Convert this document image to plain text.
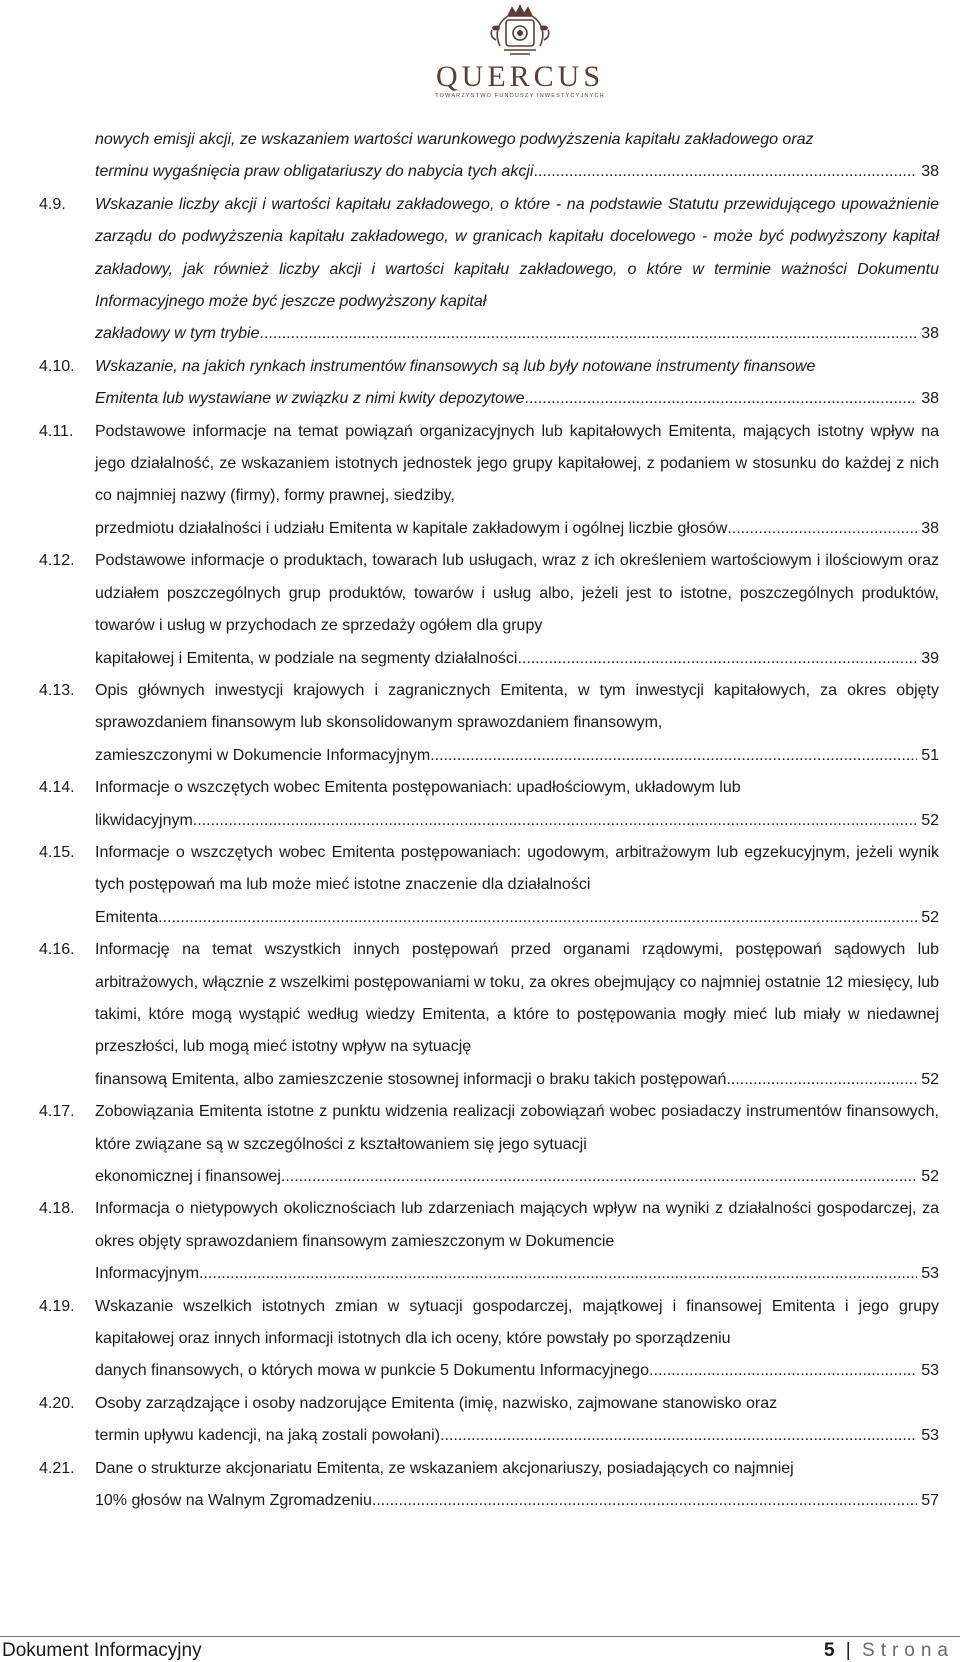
QUERCUS
TOWARZYSTWO FUNDUSZY INWESTYCYJNYCH
nowych emisji akcji, ze wskazaniem wartości warunkowego podwyższenia kapitału zakładowego oraz
terminu wygaśnięcia praw obligatariuszy do nabycia tych akcji .....	38
4.9.	Wskazanie liczby akcji i wartości kapitału zakładowego, o które - na podstawie Statutu przewidującego upoważnienie zarządu do podwyższenia kapitału zakładowego, w granicach kapitału docelowego - może być podwyższony kapitał zakładowy, jak również liczby akcji i wartości kapitału zakładowego, o które w terminie ważności Dokumentu Informacyjnego może być jeszcze podwyższony kapitał
zakładowy w tym trybie .....	38
4.10.	Wskazanie, na jakich rynkach instrumentów finansowych są lub były notowane instrumenty finansowe
Emitenta lub wystawiane w związku z nimi kwity depozytowe .....	38
4.11.	Podstawowe informacje na temat powiązań organizacyjnych lub kapitałowych Emitenta, mających istotny wpływ na jego działalność, ze wskazaniem istotnych jednostek jego grupy kapitałowej, z podaniem w stosunku do każdej z nich co najmniej nazwy (firmy), formy prawnej, siedziby,
przedmiotu działalności i udziału Emitenta w kapitale zakładowym i ogólnej liczbie głosów .....	38
4.12.	Podstawowe informacje o produktach, towarach lub usługach, wraz z ich określeniem wartościowym i ilościowym oraz udziałem poszczególnych grup produktów, towarów i usług albo, jeżeli jest to istotne, poszczególnych produktów, towarów i usług w przychodach ze sprzedaży ogółem dla grupy
kapitałowej i Emitenta, w podziale na segmenty działalności .....	39
4.13.	Opis głównych inwestycji krajowych i zagranicznych Emitenta, w tym inwestycji kapitałowych, za okres objęty sprawozdaniem finansowym lub skonsolidowanym sprawozdaniem finansowym,
zamieszczonymi w Dokumencie Informacyjnym .....	51
4.14.	Informacje o wszczętych wobec Emitenta postępowaniach: upadłościowym, układowym lub
likwidacyjnym .....	52
4.15.	Informacje o wszczętych wobec Emitenta postępowaniach: ugodowym, arbitrażowym lub egzekucyjnym, jeżeli wynik tych postępowań ma lub może mieć istotne znaczenie dla działalności
Emitenta .....	52
4.16.	Informację na temat wszystkich innych postępowań przed organami rządowymi, postępowań sądowych lub arbitrażowych, włącznie z wszelkimi postępowaniami w toku, za okres obejmujący co najmniej ostatnie 12 miesięcy, lub takimi, które mogą wystąpić według wiedzy Emitenta, a które to postępowania mogły mieć lub miały w niedawnej przeszłości, lub mogą mieć istotny wpływ na sytuację
finansową Emitenta, albo zamieszczenie stosownej informacji o braku takich postępowań .....	52
4.17.	Zobowiązania Emitenta istotne z punktu widzenia realizacji zobowiązań wobec posiadaczy instrumentów finansowych, które związane są w szczególności z kształtowaniem się jego sytuacji
ekonomicznej i finansowej .....	52
4.18.	Informacja o nietypowych okolicznościach lub zdarzeniach mających wpływ na wyniki z działalności gospodarczej, za okres objęty sprawozdaniem finansowym zamieszczonym w Dokumencie
Informacyjnym .....	53
4.19.	Wskazanie wszelkich istotnych zmian w sytuacji gospodarczej, majątkowej i finansowej Emitenta i jego grupy kapitałowej oraz innych informacji istotnych dla ich oceny, które powstały po sporządzeniu
danych finansowych, o których mowa w punkcie 5 Dokumentu Informacyjnego .....	53
4.20.	Osoby zarządzające i osoby nadzorujące Emitenta (imię, nazwisko, zajmowane stanowisko oraz
termin upływu kadencji, na jaką zostali powołani) .....	53
4.21.	Dane o strukturze akcjonariatu Emitenta, ze wskazaniem akcjonariuszy, posiadających co najmniej
10% głosów na Walnym Zgromadzeniu .....	57
Dokument Informacyjny	5 | Strona
